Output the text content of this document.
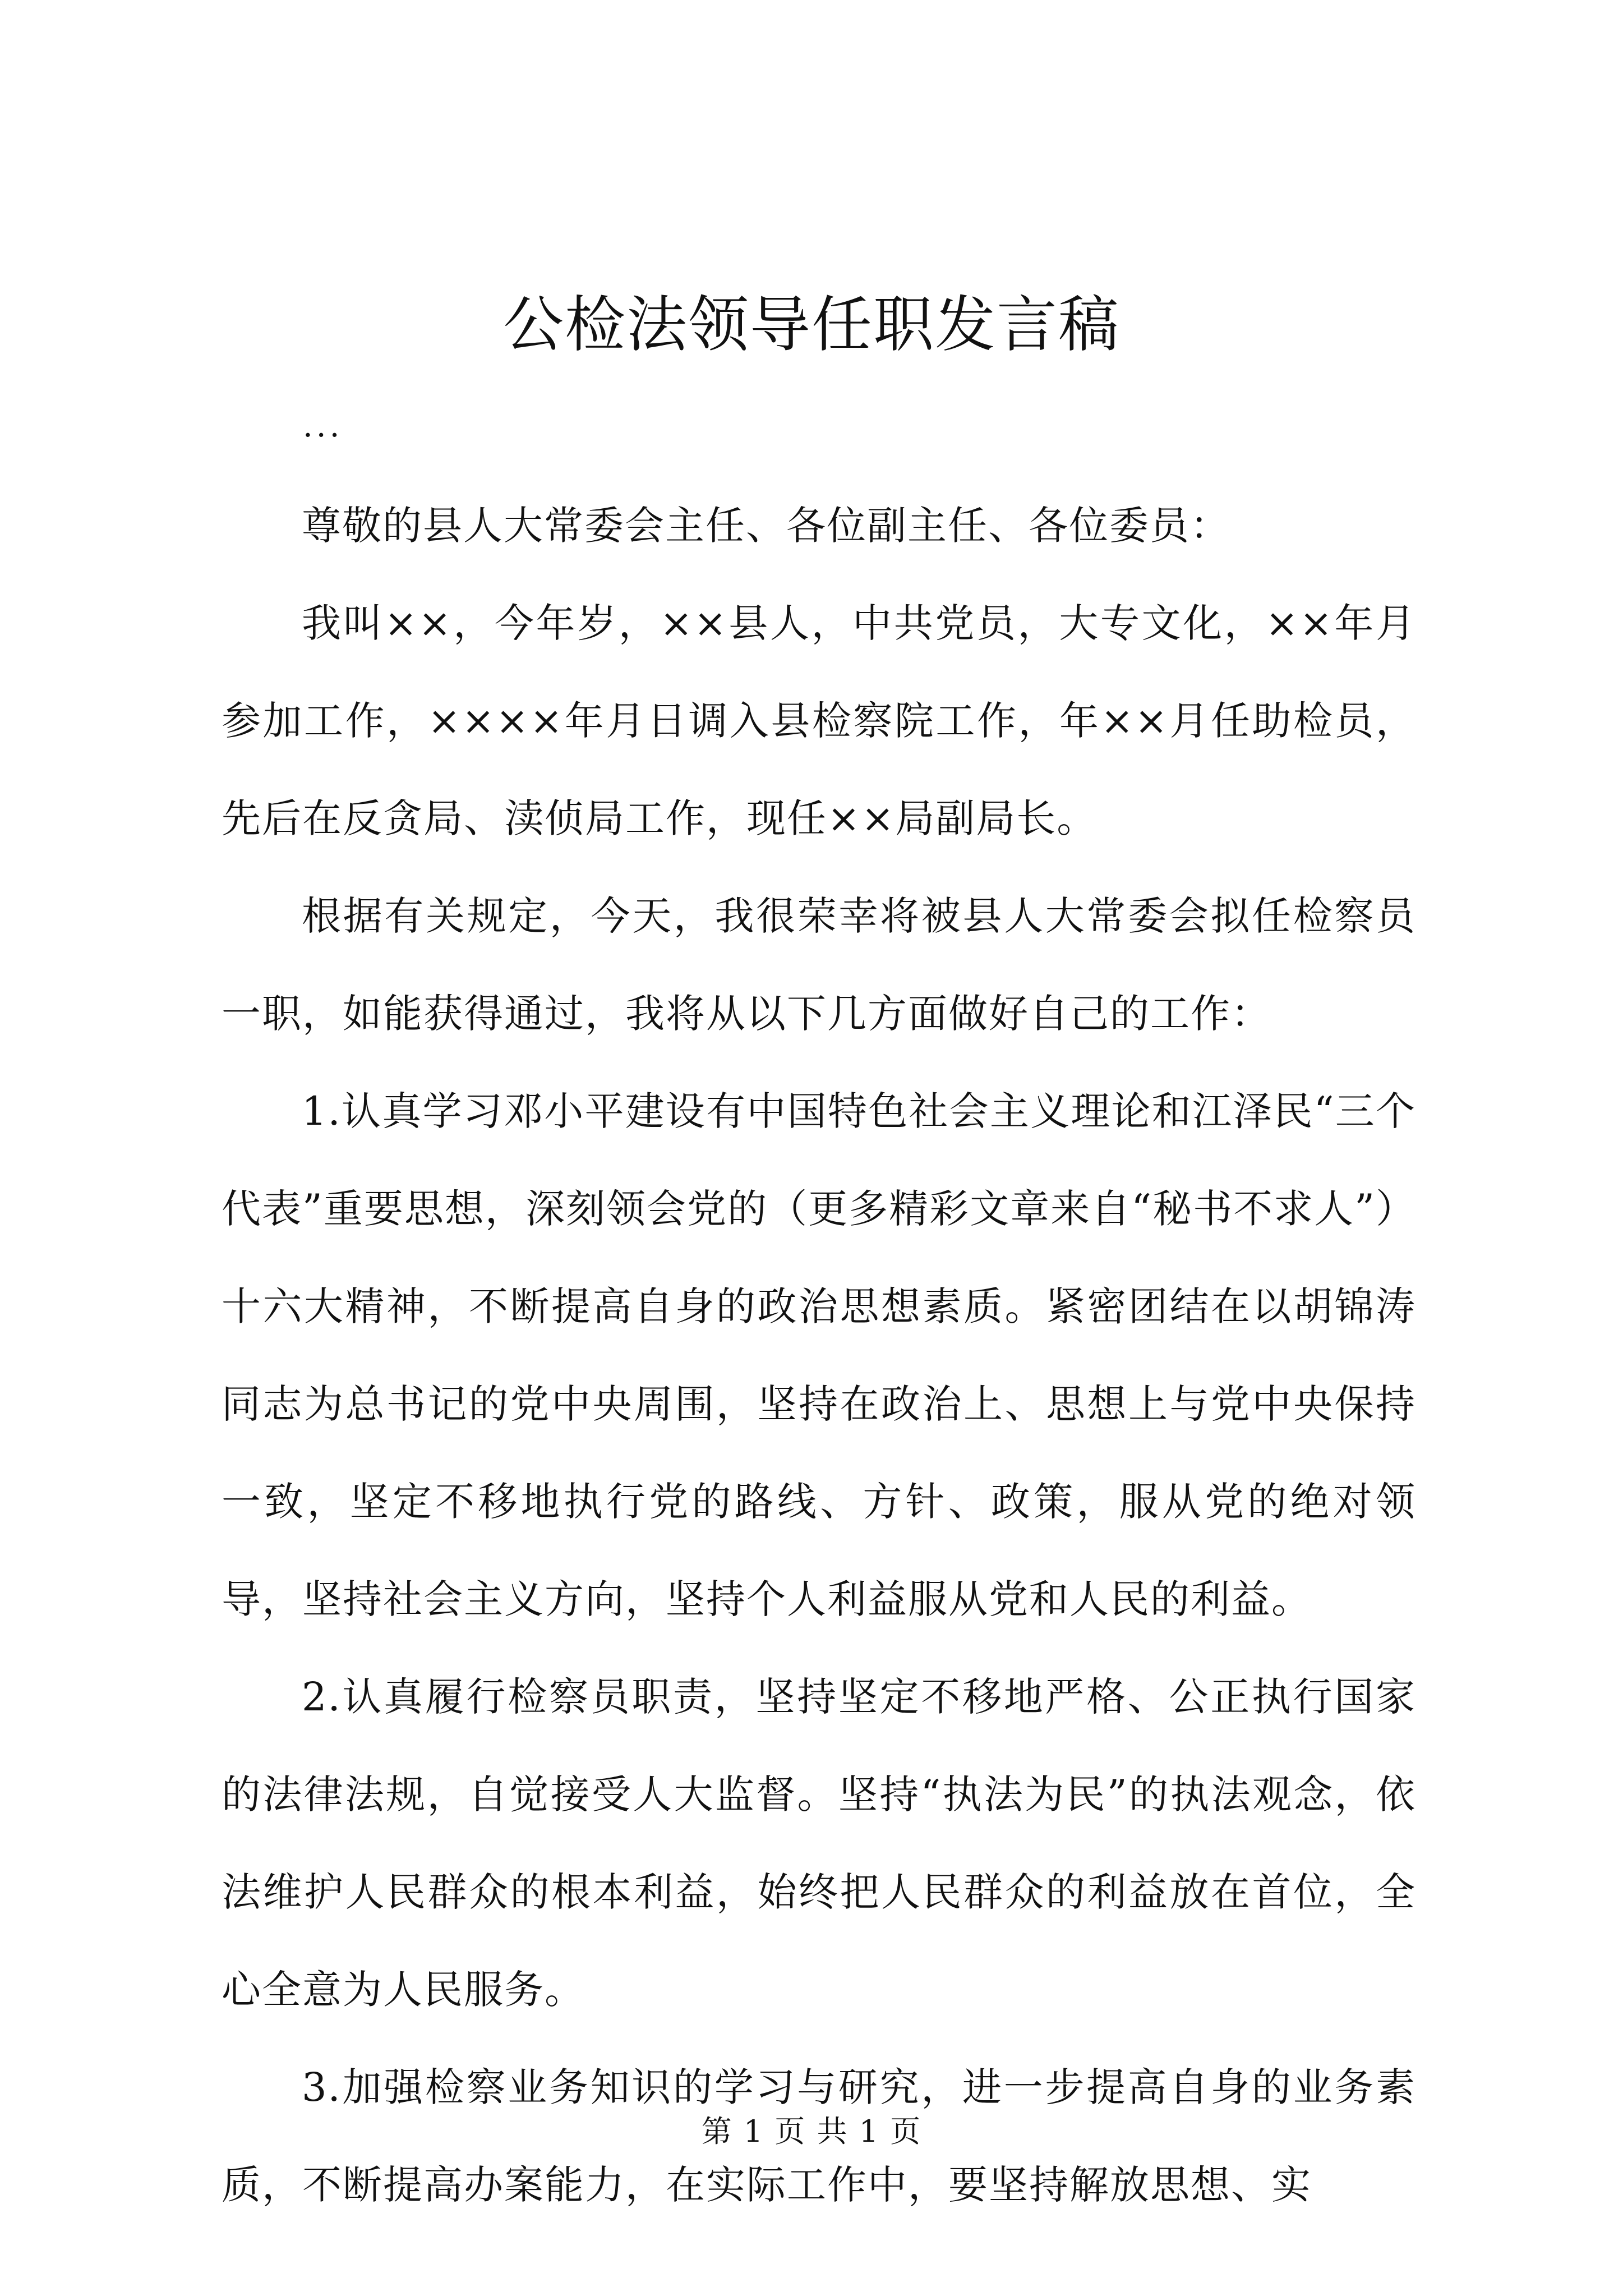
公检法领导任职发言稿
...

尊敬的县人大常委会主任、各位副主任、各位委员：

我叫××，今年岁，××县人，中共党员，大专文化，××年月参加工作，××××年月日调入县检察院工作，年××月任助检员，先后在反贪局、渎侦局工作，现任××局副局长。

根据有关规定，今天，我很荣幸将被县人大常委会拟任检察员一职，如能获得通过，我将从以下几方面做好自己的工作：

1.认真学习邓小平建设有中国特色社会主义理论和江泽民“三个代表”重要思想，深刻领会党的（更多精彩文章来自“秘书不求人”）十六大精神，不断提高自身的政治思想素质。紧密团结在以胡锦涛同志为总书记的党中央周围，坚持在政治上、思想上与党中央保持一致，坚定不移地执行党的路线、方针、政策，服从党的绝对领导，坚持社会主义方向，坚持个人利益服从党和人民的利益。

2.认真履行检察员职责，坚持坚定不移地严格、公正执行国家的法律法规，自觉接受人大监督。坚持“执法为民”的执法观念，依法维护人民群众的根本利益，始终把人民群众的利益放在首位，全心全意为人民服务。

3.加强检察业务知识的学习与研究，进一步提高自身的业务素质，不断提高办案能力，在实际工作中，要坚持解放思想、实

第 1 页 共 1 页
